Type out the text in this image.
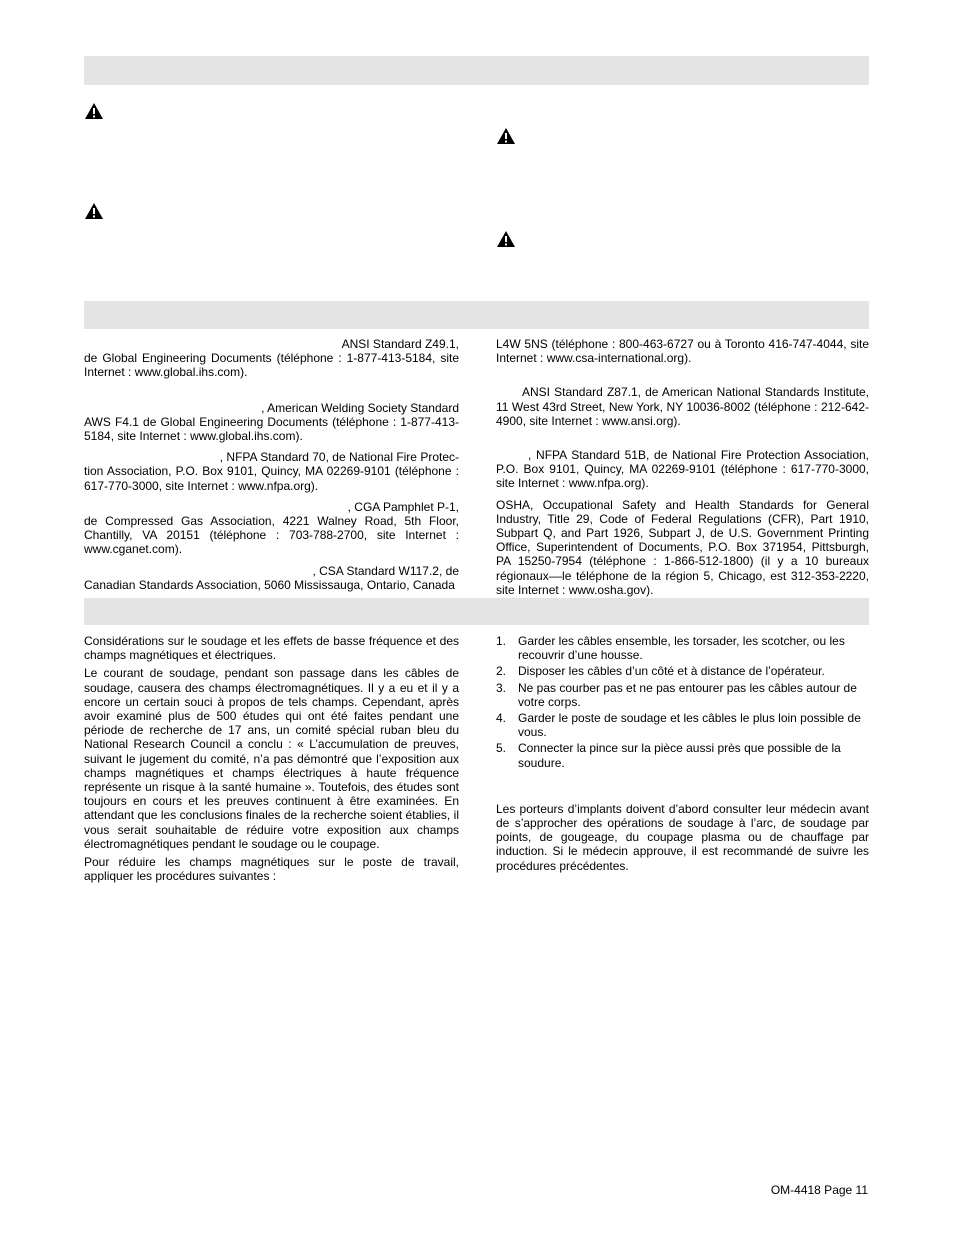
ANSI Standard Z49.1,

de Global Engineering Documents (téléphone : 1-877-413-5184, site Internet : www.global.ihs.com).

, American Welding Society Standard

AWS F4.1 de Global Engineering Documents (téléphone : 1-877-413-5184, site Internet : www.global.ihs.com).

, NFPA Standard 70, de National Fire Protec-

tion Association, P.O. Box 9101, Quincy, MA 02269-9101 (téléphone : 617-770-3000, site Internet : www.nfpa.org).

, CGA Pamphlet P-1,

de Compressed Gas Association, 4221 Walney Road, 5th Floor, Chantilly, VA 20151 (téléphone : 703-788-2700, site Internet : www.cganet.com).

, CSA Standard W117.2, de

Canadian Standards Association, 5060 Mississauga, Ontario, Canada

L4W 5NS (téléphone : 800-463-6727 ou à Toronto 416-747-4044, site Internet : www.csa-international.org).

ANSI Standard Z87.1, de American National Standards Institute, 11 West 43rd Street, New York, NY 10036-8002 (téléphone : 212-642-4900, site Internet : www.ansi.org).

, NFPA Standard 51B, de National Fire Protection Association, P.O. Box 9101, Quincy, MA 02269-9101 (téléphone : 617-770-3000, site Internet : www.nfpa.org).

OSHA, Occupational Safety and Health Standards for General Industry, Title 29, Code of Federal Regulations (CFR), Part 1910, Subpart Q, and Part 1926, Subpart J, de U.S. Government Printing Office, Superintendent of Documents, P.O. Box 371954, Pittsburgh, PA 15250-7954 (téléphone : 1-866-512-1800) (il y a 10 bureaux régionaux––le téléphone de la région 5, Chicago, est 312-353-2220, site Internet : www.osha.gov).

Considérations sur le soudage et les effets de basse fréquence et des champs magnétiques et électriques.

Le courant de soudage, pendant son passage dans les câbles de soudage, causera des champs électromagnétiques. Il y a eu et il y a encore un certain souci à propos de tels champs. Cependant, après avoir examiné plus de 500 études qui ont été faites pendant une période de recherche de 17 ans, un comité spécial ruban bleu du National Research Council a conclu : « L’accumulation de preuves, suivant le jugement du comité, n’a pas démontré que l’exposition aux champs magnétiques et champs électriques à haute fréquence représente un risque à la santé humaine ». Toutefois, des études sont toujours en cours et les preuves continuent à être examinées. En attendant que les conclusions finales de la recherche soient établies, il vous serait souhaitable de réduire votre exposition aux champs électromagnétiques pendant le soudage ou le coupage.

Pour réduire les champs magnétiques sur le poste de travail, appliquer les procédures suivantes :

1. Garder les câbles ensemble, les torsader, les scotcher, ou les recouvrir d’une housse.
2. Disposer les câbles d’un côté et à distance de l’opérateur.
3. Ne pas courber pas et ne pas entourer pas les câbles autour de votre corps.
4. Garder le poste de soudage et les câbles le plus loin possible de vous.
5. Connecter la pince sur la pièce aussi près que possible de la soudure.

Les porteurs d’implants doivent d’abord consulter leur médecin avant de s’approcher des opérations de soudage à l’arc, de soudage par points, de gougeage, du coupage plasma ou de chauffage par induction. Si le médecin approuve, il est recommandé de suivre les procédures précédentes.

OM-4418 Page 11
